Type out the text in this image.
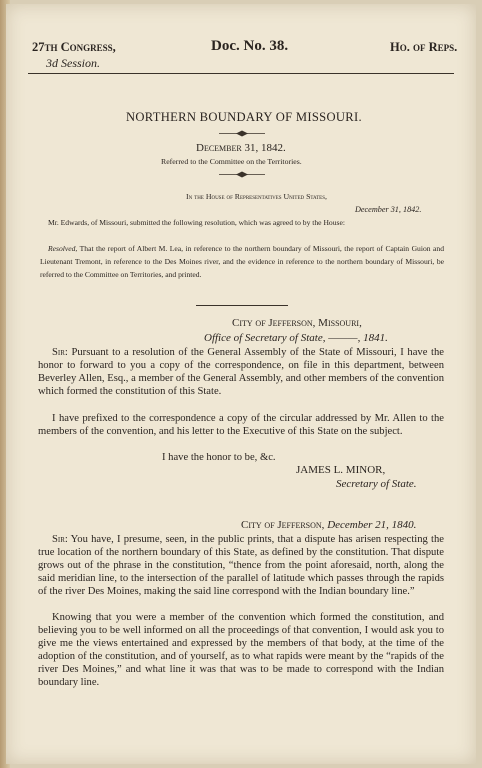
27th Congress,
3d Session.
Doc. No. 38.	Ho. of Reps.
NORTHERN BOUNDARY OF MISSOURI.
December 31, 1842.
Referred to the Committee on the Territories.
In the House of Representatives United States,
December 31, 1842.
Mr. Edwards, of Missouri, submitted the following resolution, which was agreed to by the House:
Resolved, That the report of Albert M. Lea, in reference to the northern boundary of Missouri, the report of Captain Guion and Lieutenant Tremont, in reference to the Des Moines river, and the evidence in reference to the northern boundary of Missouri, be referred to the Committee on Territories, and printed.
City of Jefferson, Missouri,
Office of Secretary of State, ———, 1841.
Sir: Pursuant to a resolution of the General Assembly of the State of Missouri, I have the honor to forward to you a copy of the correspondence, on file in this department, between Beverley Allen, Esq., a member of the General Assembly, and other members of the convention which formed the constitution of this State.
I have prefixed to the correspondence a copy of the circular addressed by Mr. Allen to the members of the convention, and his letter to the Executive of this State on the subject.
I have the honor to be, &c.
JAMES L. MINOR,
Secretary of State.
City of Jefferson, December 21, 1840.
Sir: You have, I presume, seen, in the public prints, that a dispute has arisen respecting the true location of the northern boundary of this State, as defined by the constitution. That dispute grows out of the phrase in the constitution, “thence from the point aforesaid, north, along the said meridian line, to the intersection of the parallel of latitude which passes through the rapids of the river Des Moines, making the said line correspond with the Indian boundary line.”
Knowing that you were a member of the convention which formed the constitution, and believing you to be well informed on all the proceedings of that convention, I would ask you to give me the views entertained and expressed by the members of that body, at the time of the adoption of the constitution, and of yourself, as to what rapids were meant by the “rapids of the river Des Moines,” and what line it was that was to be made to correspond with the Indian boundary line.
